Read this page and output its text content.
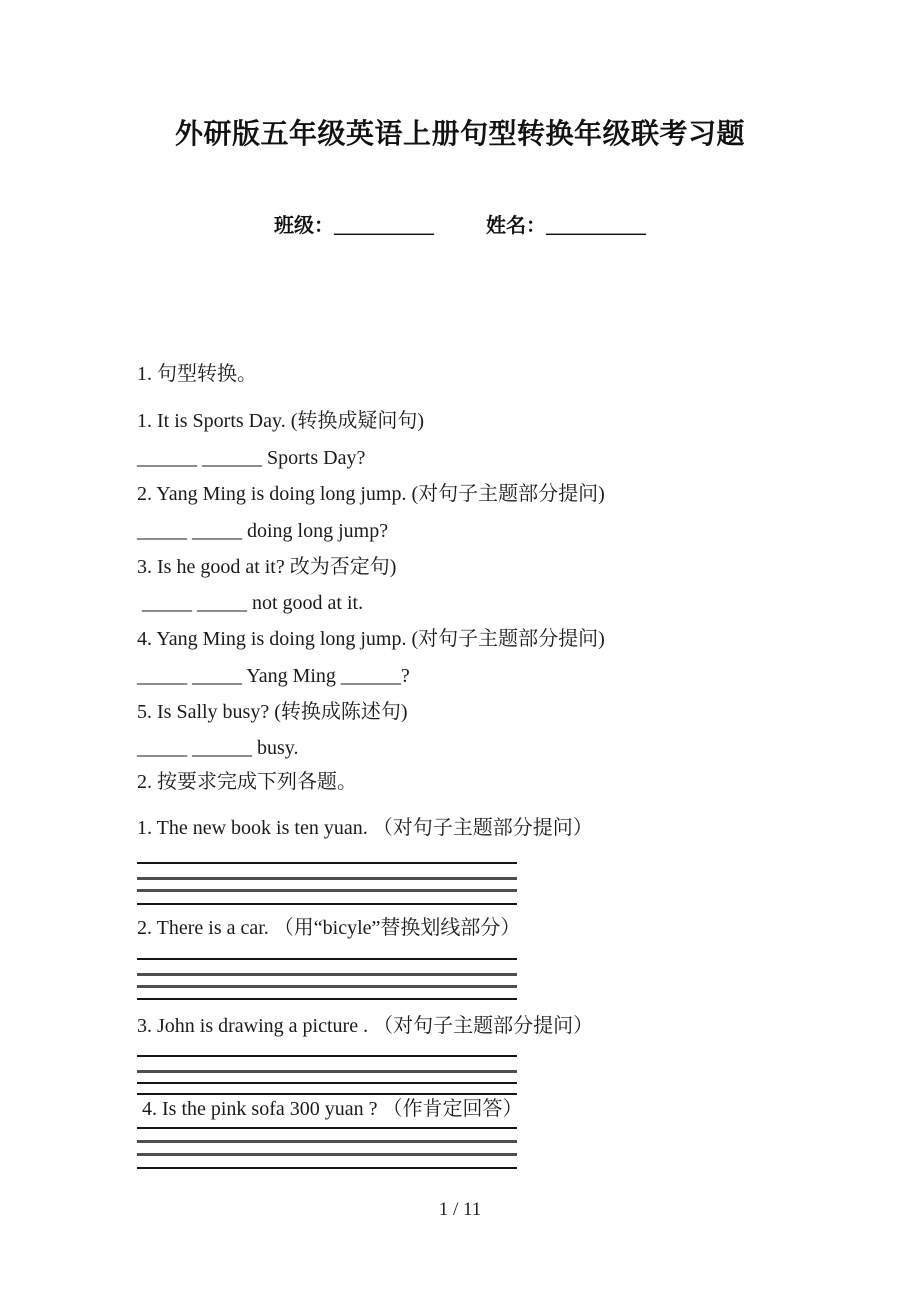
外研版五年级英语上册句型转换年级联考习题
班级：__________	姓名：__________

1. 句型转换。

1. It is Sports Day. (转换成疑问句)

______ ______ Sports Day?

2. Yang Ming is doing long jump. (对句子主题部分提问)

_____ _____ doing long jump?

3. Is he good at it? 改为否定句)

_____ _____ not good at it.

4. Yang Ming is doing long jump. (对句子主题部分提问)

_____ _____ Yang Ming ______?

5. Is Sally busy? (转换成陈述句)

_____ ______ busy.

2. 按要求完成下列各题。

1. The new book is ten yuan. （对句子主题部分提问）

2. There is a car. （用“bicyle”替换划线部分）

3. John is drawing a picture . （对句子主题部分提问）

4. Is the pink sofa 300 yuan ? （作肯定回答）

1 / 11
